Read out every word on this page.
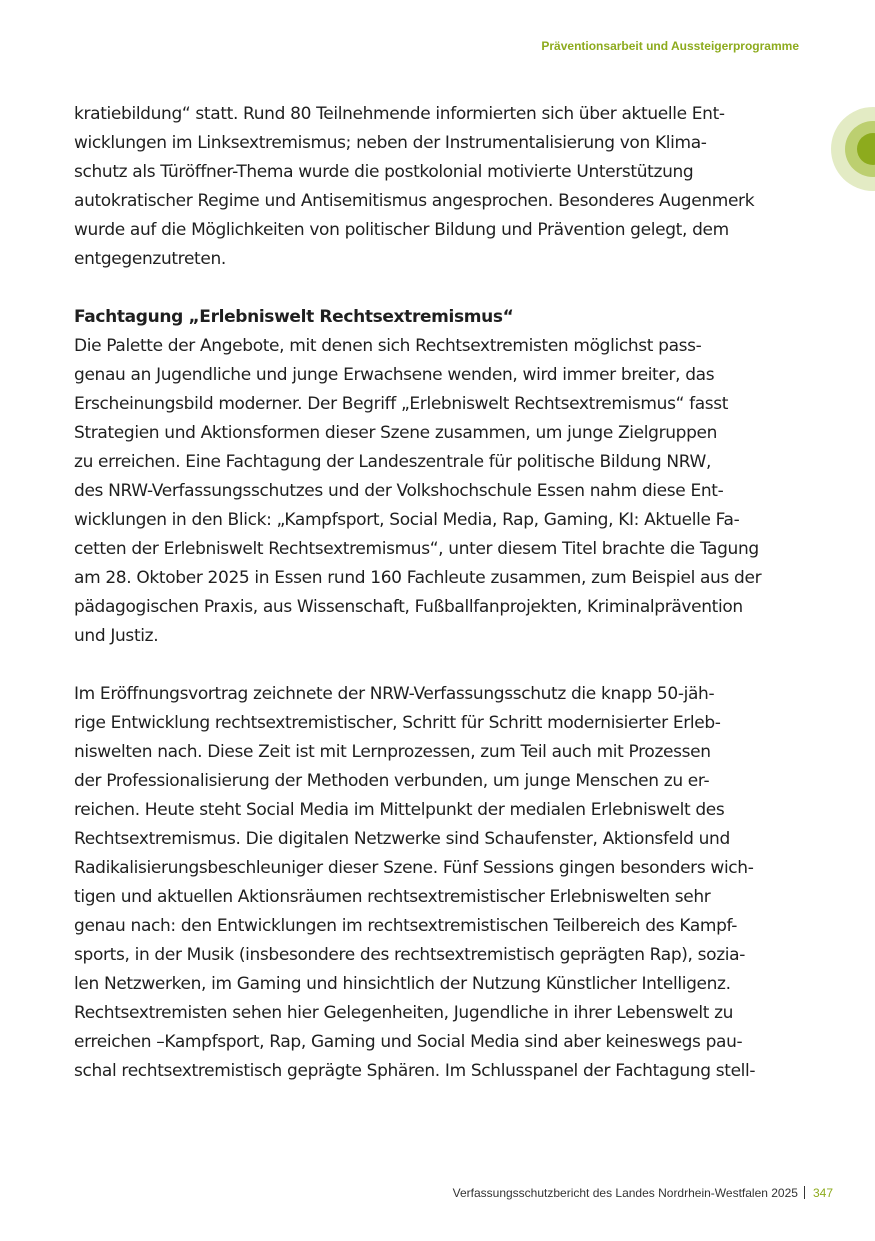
Präventionsarbeit und Aussteigerprogramme
kratiebildung“ statt. Rund 80 Teilnehmende informierten sich über aktuelle Ent-
wicklungen im Linksextremismus; neben der Instrumentalisierung von Klima-
schutz als Türöffner-Thema wurde die postkolonial motivierte Unterstützung
autokratischer Regime und Antisemitismus angesprochen. Besonderes Augenmerk
wurde auf die Möglichkeiten von politischer Bildung und Prävention gelegt, dem
entgegenzutreten.
Fachtagung „Erlebniswelt Rechtsextremismus“
Die Palette der Angebote, mit denen sich Rechtsextremisten möglichst pass-
genau an Jugendliche und junge Erwachsene wenden, wird immer breiter, das
Erscheinungsbild moderner. Der Begriff „Erlebniswelt Rechtsextremismus“ fasst
Strategien und Aktionsformen dieser Szene zusammen, um junge Zielgruppen
zu erreichen. Eine Fachtagung der Landeszentrale für politische Bildung NRW,
des NRW-Verfassungsschutzes und der Volkshochschule Essen nahm diese Ent-
wicklungen in den Blick: „Kampfsport, Social Media, Rap, Gaming, KI: Aktuelle Fa-
cetten der Erlebniswelt Rechtsextremismus“, unter diesem Titel brachte die Tagung
am 28. Oktober 2025 in Essen rund 160 Fachleute zusammen, zum Beispiel aus der
pädagogischen Praxis, aus Wissenschaft, Fußballfanprojekten, Kriminalprävention
und Justiz.
Im Eröffnungsvortrag zeichnete der NRW-Verfassungsschutz die knapp 50-jäh-
rige Entwicklung rechtsextremistischer, Schritt für Schritt modernisierter Erleb-
niswelten nach. Diese Zeit ist mit Lernprozessen, zum Teil auch mit Prozessen
der Professionalisierung der Methoden verbunden, um junge Menschen zu er-
reichen. Heute steht Social Media im Mittelpunkt der medialen Erlebniswelt des
Rechtsextremismus. Die digitalen Netzwerke sind Schaufenster, Aktionsfeld und
Radikalisierungsbeschleuniger dieser Szene. Fünf Sessions gingen besonders wich-
tigen und aktuellen Aktionsräumen rechtsextremistischer Erlebniswelten sehr
genau nach: den Entwicklungen im rechtsextremistischen Teilbereich des Kampf-
sports, in der Musik (insbesondere des rechtsextremistisch geprägten Rap), sozia-
len Netzwerken, im Gaming und hinsichtlich der Nutzung Künstlicher Intelligenz.
Rechtsextremisten sehen hier Gelegenheiten, Jugendliche in ihrer Lebenswelt zu
erreichen –Kampfsport, Rap, Gaming und Social Media sind aber keineswegs pau-
schal rechtsextremistisch geprägte Sphären. Im Schlusspanel der Fachtagung stell-
Verfassungsschutzbericht des Landes Nordrhein-Westfalen 2025 347
